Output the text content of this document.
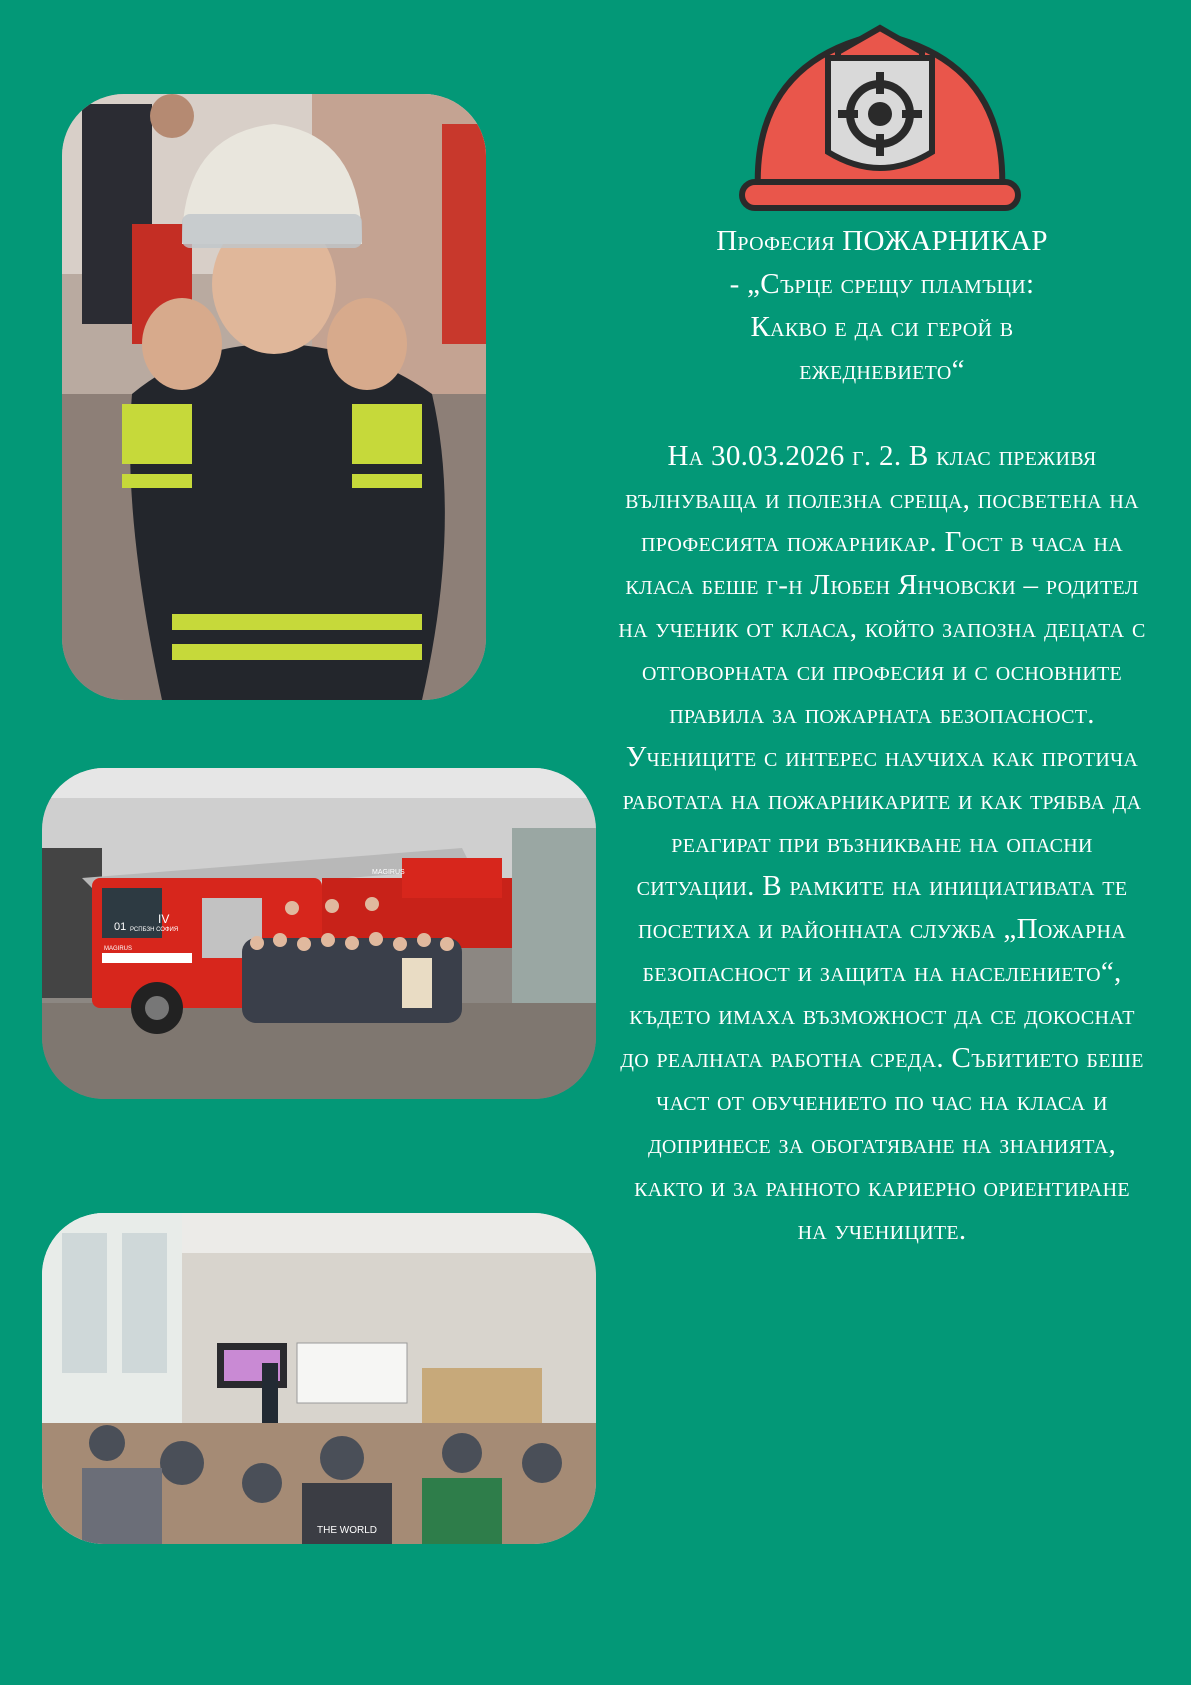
01 РСПБЗН СОФИЯ
IV
MAGIRUS
MAGIRUS
THE WORLD
Професия ПОЖАРНИКАР
- „Сърце срещу пламъци:
Какво е да си герой в
ежедневието“

На 30.03.2026 г. 2. В клас преживя вълнуваща и полезна среща, посветена на професията пожарникар. Гост в часа на класа беше г-н Любен Янчовски – родител на ученик от класа, който запозна децата с отговорната си професия и с основните правила за пожарната безопасност. Учениците с интерес научиха как протича работата на пожарникарите и как трябва да реагират при възникване на опасни ситуации. В рамките на инициативата те посетиха и районната служба „Пожарна безопасност и защита на населението“, където имаха възможност да се докоснат до реалната работна среда. Събитието беше част от обучението по час на класа и допринесе за обогатяване на знанията, както и за ранното кариерно ориентиране на учениците.
